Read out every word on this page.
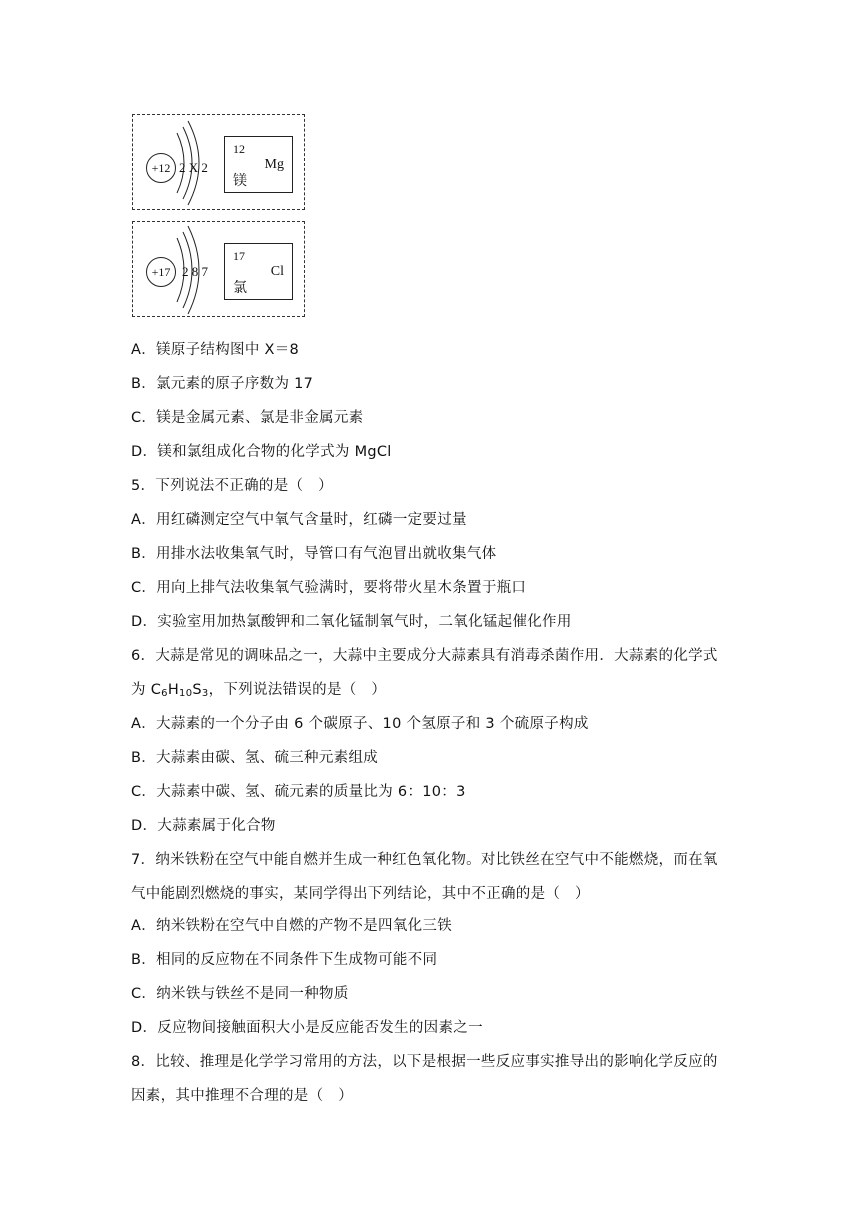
+12 2 X 2
12
Mg
镁
+17 2 8 7
17
Cl
氯
A．镁原子结构图中 X＝8
B．氯元素的原子序数为 17
C．镁是金属元素、氯是非金属元素
D．镁和氯组成化合物的化学式为 MgCl
5．下列说法不正确的是（　）
A．用红磷测定空气中氧气含量时，红磷一定要过量
B．用排水法收集氧气时，导管口有气泡冒出就收集气体
C．用向上排气法收集氧气验满时，要将带火星木条置于瓶口
D．实验室用加热氯酸钾和二氧化锰制氧气时，二氧化锰起催化作用
6．大蒜是常见的调味品之一，大蒜中主要成分大蒜素具有消毒杀菌作用．大蒜素的化学式
为 $C_6H_{10}S_3$，下列说法错误的是（　）
A．大蒜素的一个分子由 6 个碳原子、10 个氢原子和 3 个硫原子构成
B．大蒜素由碳、氢、硫三种元素组成
C．大蒜素中碳、氢、硫元素的质量比为 6：10：3
D．大蒜素属于化合物
7．纳米铁粉在空气中能自燃并生成一种红色氧化物。对比铁丝在空气中不能燃烧，而在氧
气中能剧烈燃烧的事实，某同学得出下列结论，其中不正确的是（　）
A．纳米铁粉在空气中自燃的产物不是四氧化三铁
B．相同的反应物在不同条件下生成物可能不同
C．纳米铁与铁丝不是同一种物质
D．反应物间接触面积大小是反应能否发生的因素之一
8．比较、推理是化学学习常用的方法，以下是根据一些反应事实推导出的影响化学反应的
因素，其中推理不合理的是（　）
